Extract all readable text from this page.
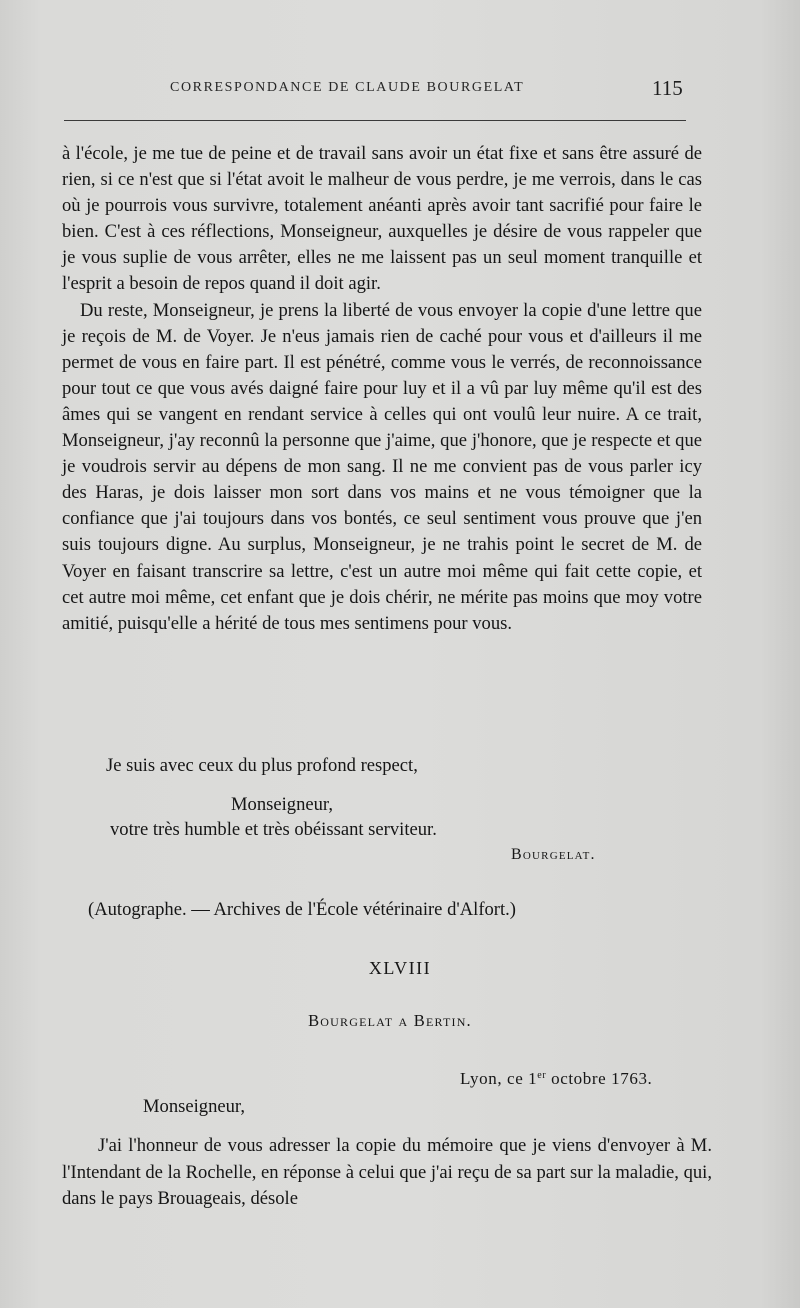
CORRESPONDANCE DE CLAUDE BOURGELAT	115

à l'école, je me tue de peine et de travail sans avoir un état fixe et sans être assuré de rien, si ce n'est que si l'état avoit le malheur de vous perdre, je me verrois, dans le cas où je pourrois vous survivre, totalement anéanti après avoir tant sacrifié pour faire le bien. C'est à ces réflections, Monseigneur, auxquelles je désire de vous rappeler que je vous suplie de vous arrêter, elles ne me laissent pas un seul moment tranquille et l'esprit a besoin de repos quand il doit agir.

Du reste, Monseigneur, je prens la liberté de vous envoyer la copie d'une lettre que je reçois de M. de Voyer. Je n'eus jamais rien de caché pour vous et d'ailleurs il me permet de vous en faire part. Il est pénétré, comme vous le verrés, de reconnoissance pour tout ce que vous avés daigné faire pour luy et il a vû par luy même qu'il est des âmes qui se vangent en rendant service à celles qui ont voulû leur nuire. A ce trait, Monseigneur, j'ay reconnû la personne que j'aime, que j'honore, que je respecte et que je voudrois servir au dépens de mon sang. Il ne me convient pas de vous parler icy des Haras, je dois laisser mon sort dans vos mains et ne vous témoigner que la confiance que j'ai toujours dans vos bontés, ce seul sentiment vous prouve que j'en suis toujours digne. Au surplus, Monseigneur, je ne trahis point le secret de M. de Voyer en faisant transcrire sa lettre, c'est un autre moi même qui fait cette copie, et cet autre moi même, cet enfant que je dois chérir, ne mérite pas moins que moy votre amitié, puisqu'elle a hérité de tous mes sentimens pour vous.

Je suis avec ceux du plus profond respect,
Monseigneur,
votre très humble et très obéissant serviteur.
Bourgelat.
(Autographe. — Archives de l'École vétérinaire d'Alfort.)
XLVIII
Bourgelat a Bertin.
Lyon, ce 1er octobre 1763.
Monseigneur,

J'ai l'honneur de vous adresser la copie du mémoire que je viens d'envoyer à M. l'Intendant de la Rochelle, en réponse à celui que j'ai reçu de sa part sur la maladie, qui, dans le pays Brouageais, désole
